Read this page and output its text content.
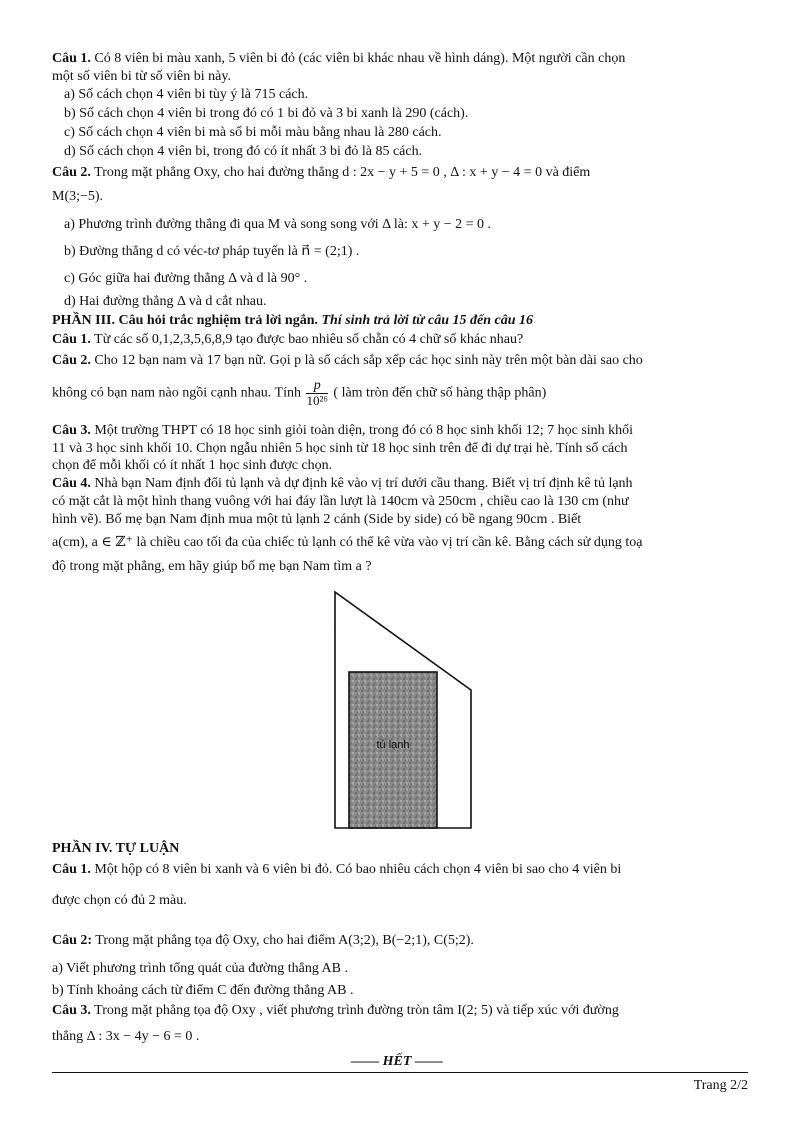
Câu 1. Có 8 viên bi màu xanh, 5 viên bi đỏ (các viên bi khác nhau về hình dáng). Một người cần chọn
một số viên bi từ số viên bi này.
a) Số cách chọn 4 viên bi tùy ý là 715 cách.
b) Số cách chọn 4 viên bi trong đó có 1 bi đỏ và 3 bi xanh là 290 (cách).
c) Số cách chọn 4 viên bi mà số bi mỗi màu bằng nhau là 280 cách.
d) Số cách chọn 4 viên bi, trong đó có ít nhất 3 bi đỏ là 85 cách.
Câu 2. Trong mặt phẳng Oxy, cho hai đường thẳng d : 2x − y + 5 = 0 , Δ : x + y − 4 = 0 và điểm
M(3;−5).
a) Phương trình đường thẳng đi qua M và song song với Δ là: x + y − 2 = 0 .
b) Đường thẳng d có véc-tơ pháp tuyến là n⃗ = (2;1) .
c) Góc giữa hai đường thẳng Δ và d là 90° .
d) Hai đường thẳng Δ và d cắt nhau.
PHẦN III. Câu hỏi trắc nghiệm trả lời ngắn. Thí sinh trả lời từ câu 15 đến câu 16
Câu 1. Từ các số 0,1,2,3,5,6,8,9 tạo được bao nhiêu số chẵn có 4 chữ số khác nhau?
Câu 2. Cho 12 bạn nam và 17 bạn nữ. Gọi p là số cách sắp xếp các học sinh này trên một bàn dài sao cho
không có bạn nam nào ngồi cạnh nhau. Tính $\frac{p}{\text{10²⁶}}$ ( làm tròn đến chữ số hàng thập phân)
Câu 3. Một trường THPT có 18 học sinh giỏi toàn diện, trong đó có 8 học sinh khối 12; 7 học sinh khối
11 và 3 học sinh khối 10. Chọn ngẫu nhiên 5 học sinh từ 18 học sinh trên để đi dự trại hè. Tính số cách
chọn để mỗi khối có ít nhất 1 học sinh được chọn.
Câu 4. Nhà bạn Nam định đổi tủ lạnh và dự định kê vào vị trí dưới cầu thang. Biết vị trí định kê tủ lạnh
có mặt cắt là một hình thang vuông với hai đáy lần lượt là 140cm và 250cm , chiều cao là 130 cm (như
hình vẽ). Bố mẹ bạn Nam định mua một tủ lạnh 2 cánh (Side by side) có bề ngang 90cm . Biết
a(cm), a ∈ ℤ⁺ là chiều cao tối đa của chiếc tủ lạnh có thể kê vừa vào vị trí cần kê. Bằng cách sử dụng toạ
độ trong mặt phẳng, em hãy giúp bố mẹ bạn Nam tìm a ?
PHẦN IV. TỰ LUẬN
Câu 1. Một hộp có 8 viên bi xanh và 6 viên bi đỏ. Có bao nhiêu cách chọn 4 viên bi sao cho 4 viên bi
được chọn có đủ 2 màu.
Câu 2: Trong mặt phẳng tọa độ Oxy, cho hai điểm A(3;2), B(−2;1), C(5;2).
a) Viết phương trình tổng quát của đường thẳng AB .
b) Tính khoảng cách từ điểm C đến đường thẳng AB .
Câu 3. Trong mặt phẳng tọa độ Oxy , viết phương trình đường tròn tâm I(2; 5) và tiếp xúc với đường
thẳng Δ : 3x − 4y − 6 = 0 .
tủ lạnh
—— HẾT ——
Trang 2/2
